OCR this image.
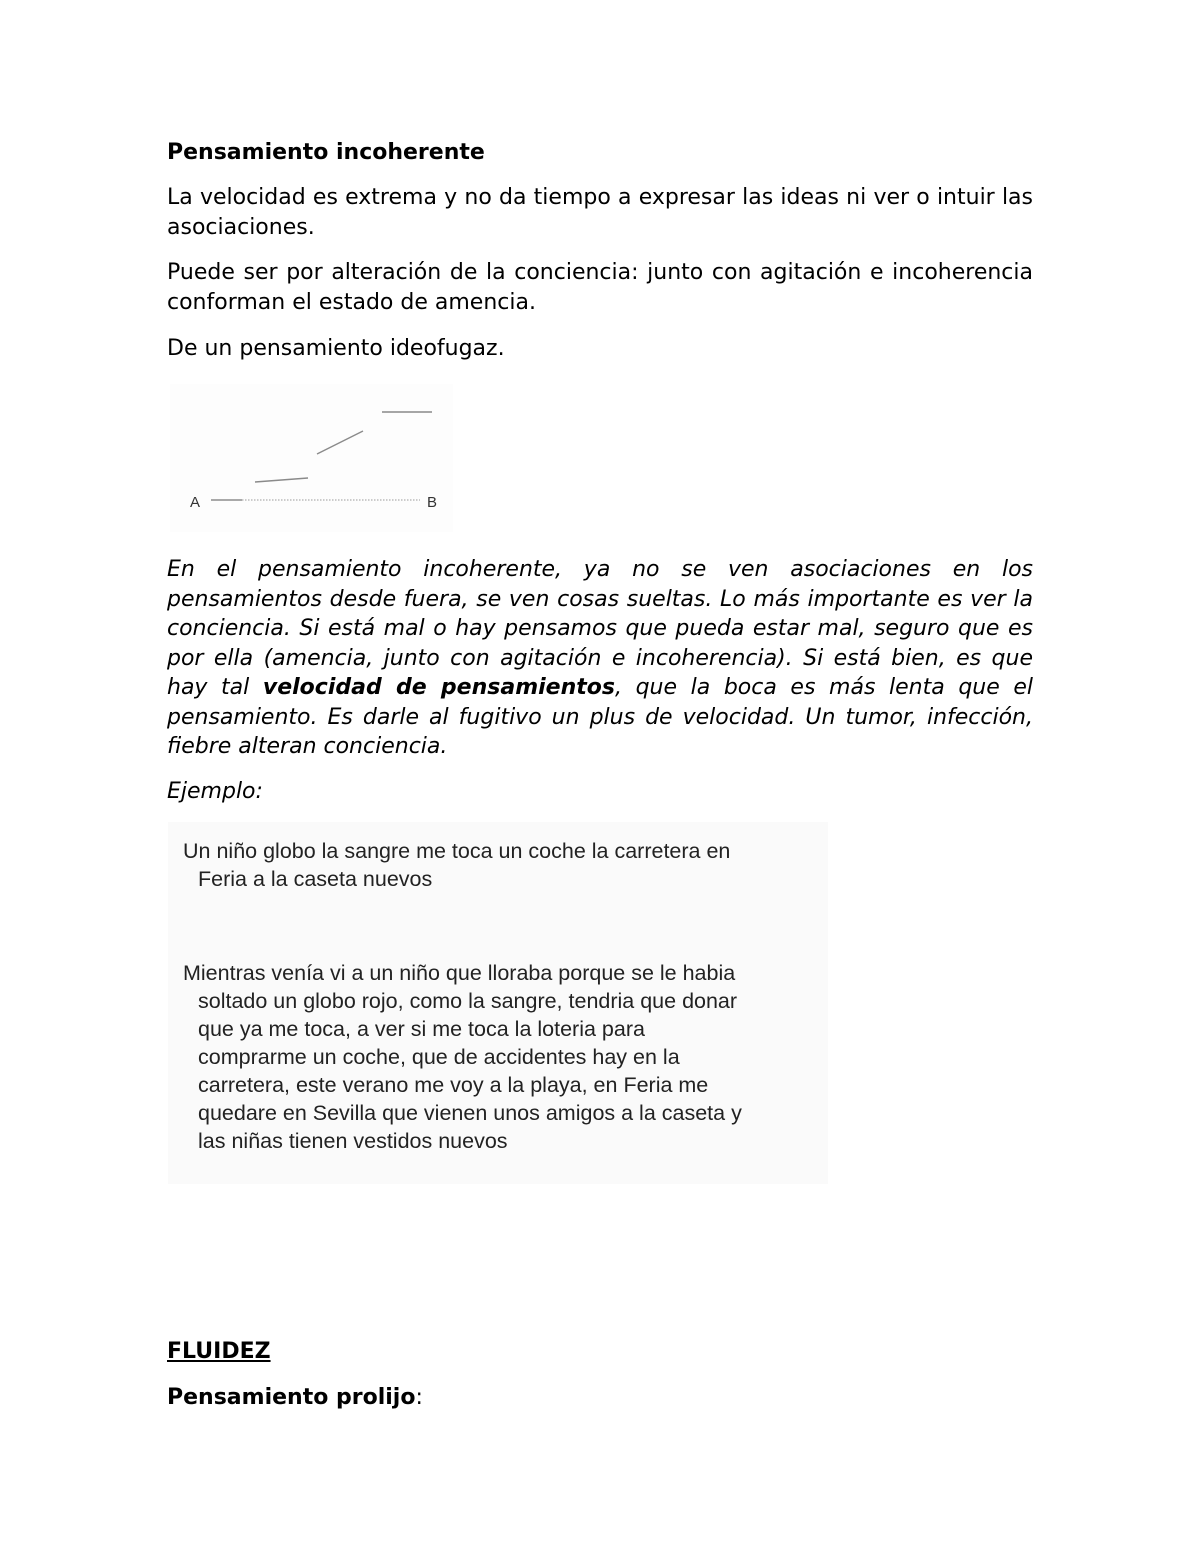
Pensamiento incoherente
La velocidad es extrema y no da tiempo a expresar las ideas ni ver o intuir las asociaciones.
Puede ser por alteración de la conciencia: junto con agitación e incoherencia conforman el estado de amencia.
De un pensamiento ideofugaz.
A	B
En el pensamiento incoherente, ya no se ven asociaciones en los pensamientos desde fuera, se ven cosas sueltas. Lo más importante es ver la conciencia. Si está mal o hay pensamos que pueda estar mal, seguro que es por ella (amencia, junto con agitación e incoherencia). Si está bien, es que hay tal velocidad de pensamientos, que la boca es más lenta que el pensamiento. Es darle al fugitivo un plus de velocidad. Un tumor, infección, fiebre alteran conciencia.
Ejemplo:
Un niño globo la sangre me toca un coche la carretera en
Feria a la caseta nuevos
Mientras venía vi a un niño que lloraba porque se le habia
soltado un globo rojo, como la sangre, tendria que donar
que ya me toca, a ver si me toca la loteria para
comprarme un coche, que de accidentes hay en la
carretera, este verano me voy a la playa, en Feria me
quedare en Sevilla que vienen unos amigos a la caseta y
las niñas tienen vestidos nuevos
FLUIDEZ
Pensamiento prolijo:
